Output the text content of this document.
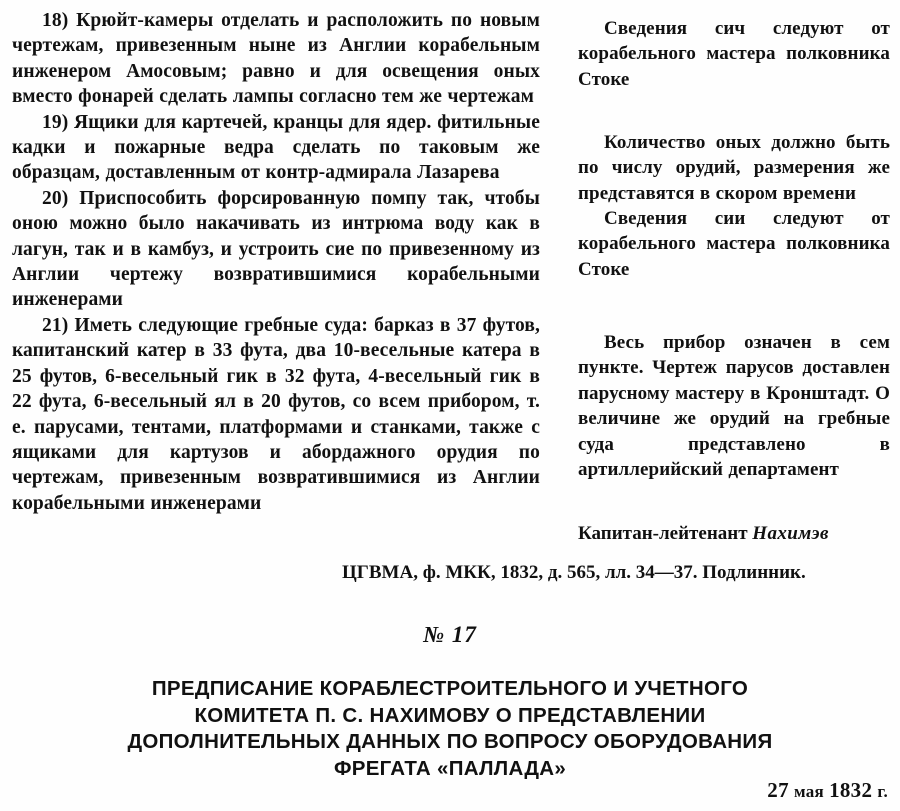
18) Крюйт-камеры отделать и расположить по новым чертежам, привезенным ныне из Англии корабельным инженером Амосовым; равно и для освещения оных вместо фонарей сделать лампы согласно тем же чертежам

19) Ящики для картечей, кранцы для ядер. фитильные кадки и пожарные ведра сделать по таковым же образцам, доставленным от контр-адмирала Лазарева

20) Приспособить форсированную помпу так, чтобы оною можно было накачивать из интрюма воду как в лагун, так и в камбуз, и устроить сие по привезенному из Англии чертежу возвратившимися корабельными инженерами

21) Иметь следующие гребные суда: барказ в 37 футов, капитанский катер в 33 фута, два 10-весельные катера в 25 футов, 6-весельный гик в 32 фута, 4-весельный гик в 22 фута, 6-весельный ял в 20 футов, со всем прибором, т. е. парусами, тентами, платформами и станками, также с ящиками для картузов и абордажного орудия по чертежам, привезенным возвратившимися из Англии корабельными инженерами

Сведения сич следуют от корабельного мастера полковника Стоке

Количество оных должно быть по числу орудий, размерения же представятся в скором времени

Сведения сии следуют от корабельного мастера полковника Стоке

Весь прибор означен в сем пункте. Чертеж парусов доставлен парусному мастеру в Кронштадт. О величине же орудий на гребные суда представлено в артиллерийский департамент

Капитан-лейтенант Нахимэв
ЦГВМА, ф. МКК, 1832, д. 565, лл. 34—37. Подлинник.
№ 17
ПРЕДПИСАНИЕ КОРАБЛЕСТРОИТЕЛЬНОГО И УЧЕТНОГО
КОМИТЕТА П. С. НАХИМОВУ О ПРЕДСТАВЛЕНИИ
ДОПОЛНИТЕЛЬНЫХ ДАННЫХ ПО ВОПРОСУ ОБОРУДОВАНИЯ
ФРЕГАТА «ПАЛЛАДА»
27 мая 1832 г.
